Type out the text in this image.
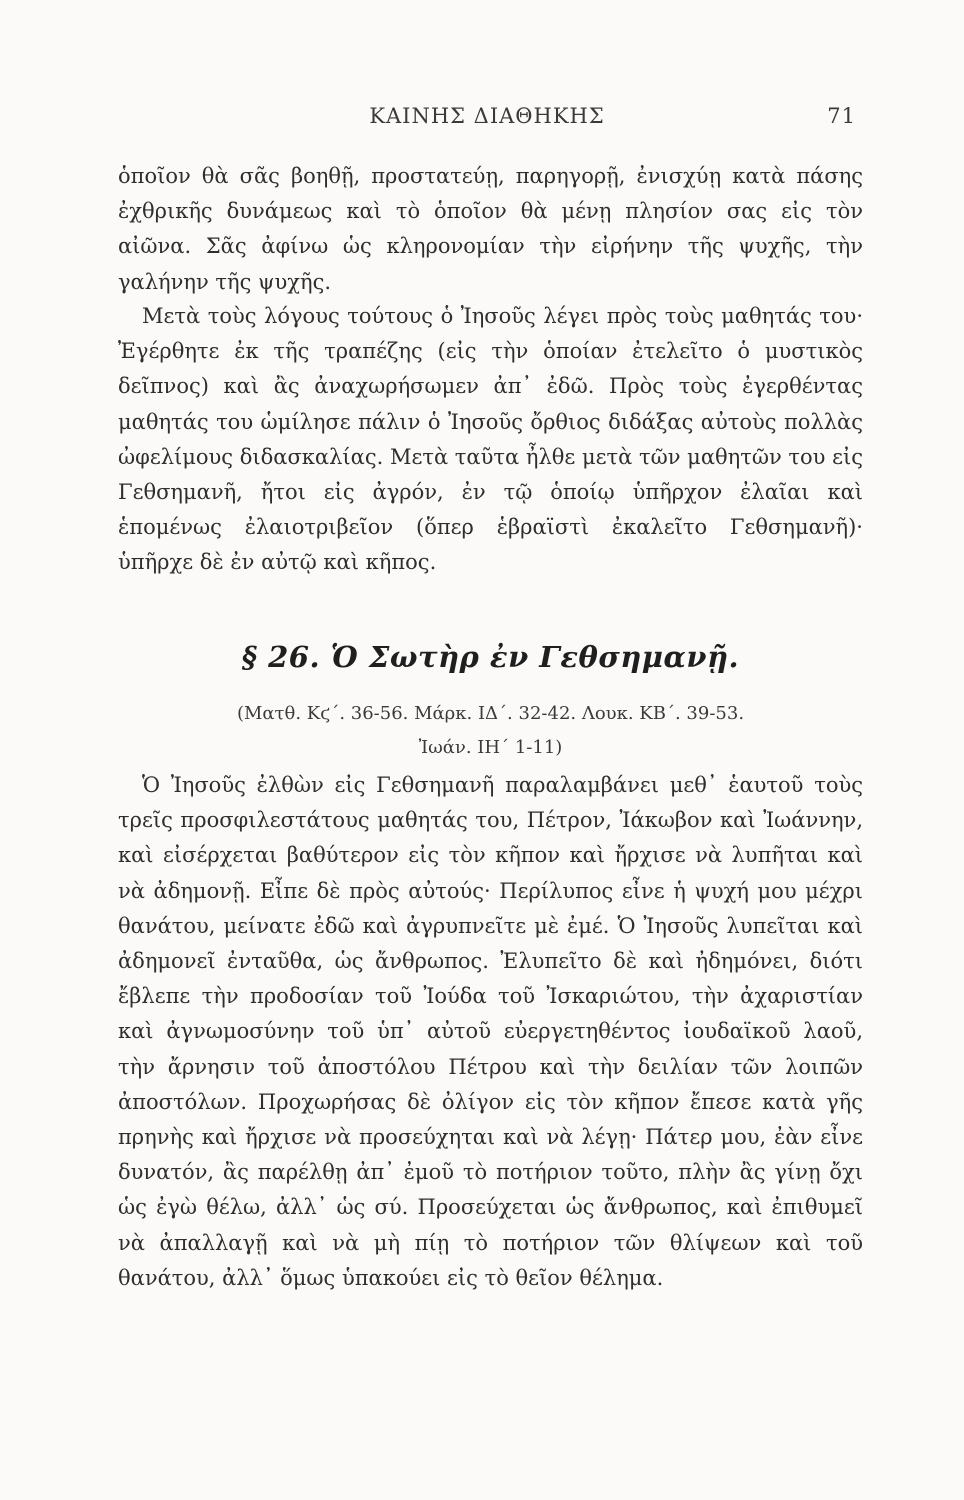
ΚΑΙΝΗΣ ΔΙΑΘΗΚΗΣ	71

ὁποῖον θὰ σᾶς βοηθῇ, προστατεύῃ, παρηγορῇ, ἐνισχύῃ κατὰ πάσης ἐχθρικῆς δυνάμεως καὶ τὸ ὁποῖον θὰ μένῃ πλησίον σας εἰς τὸν αἰῶνα. Σᾶς ἀφίνω ὡς κληρονομίαν τὴν εἰρήνην τῆς ψυχῆς, τὴν γαλήνην τῆς ψυχῆς.

Μετὰ τοὺς λόγους τούτους ὁ Ἰησοῦς λέγει πρὸς τοὺς μαθητάς του· Ἐγέρθητε ἐκ τῆς τραπέζης (εἰς τὴν ὁποίαν ἐτελεῖτο ὁ μυστικὸς δεῖπνος) καὶ ἂς ἀναχωρήσωμεν ἀπ᾽ ἐδῶ. Πρὸς τοὺς ἐγερθέντας μαθητάς του ὡμίλησε πάλιν ὁ Ἰησοῦς ὄρθιος διδάξας αὐτοὺς πολλὰς ὠφελίμους διδασκαλίας. Μετὰ ταῦτα ἦλθε μετὰ τῶν μαθητῶν του εἰς Γεθσημανῆ, ἤτοι εἰς ἀγρόν, ἐν τῷ ὁποίῳ ὑπῆρχον ἐλαῖαι καὶ ἑπομένως ἐλαιοτριβεῖον (ὅπερ ἑβραϊστὶ ἐκαλεῖτο Γεθσημανῆ)· ὑπῆρχε δὲ ἐν αὐτῷ καὶ κῆπος.

§ 26. Ὁ Σωτὴρ ἐν Γεθσημανῇ.
(Ματθ. Κϛ΄. 36-56. Μάρκ. ΙΔ΄. 32-42. Λουκ. ΚΒ΄. 39-53.
Ἰωάν. ΙΗ΄ 1-11)

Ὁ Ἰησοῦς ἐλθὼν εἰς Γεθσημανῆ παραλαμβάνει μεθ᾽ ἑαυτοῦ τοὺς τρεῖς προσφιλεστάτους μαθητάς του, Πέτρον, Ἰάκωβον καὶ Ἰωάννην, καὶ εἰσέρχεται βαθύτερον εἰς τὸν κῆπον καὶ ἤρχισε νὰ λυπῆται καὶ νὰ ἀδημονῇ. Εἶπε δὲ πρὸς αὐτούς· Περίλυπος εἶνε ἡ ψυχή μου μέχρι θανάτου, μείνατε ἐδῶ καὶ ἀγρυπνεῖτε μὲ ἐμέ. Ὁ Ἰησοῦς λυπεῖται καὶ ἀδημονεῖ ἐνταῦθα, ὡς ἄνθρωπος. Ἐλυπεῖτο δὲ καὶ ἠδημόνει, διότι ἔβλεπε τὴν προδοσίαν τοῦ Ἰούδα τοῦ Ἰσκαριώτου, τὴν ἀχαριστίαν καὶ ἀγνωμοσύνην τοῦ ὑπ᾽ αὐτοῦ εὐεργετηθέντος ἰουδαϊκοῦ λαοῦ, τὴν ἄρνησιν τοῦ ἀποστόλου Πέτρου καὶ τὴν δειλίαν τῶν λοιπῶν ἀποστόλων. Προχωρήσας δὲ ὀλίγον εἰς τὸν κῆπον ἔπεσε κατὰ γῆς πρηνὴς καὶ ἤρχισε νὰ προσεύχηται καὶ νὰ λέγῃ· Πάτερ μου, ἐὰν εἶνε δυνατόν, ἂς παρέλθῃ ἀπ᾽ ἐμοῦ τὸ ποτήριον τοῦτο, πλὴν ἂς γίνῃ ὄχι ὡς ἐγὼ θέλω, ἀλλ᾽ ὡς σύ. Προσεύχεται ὡς ἄνθρωπος, καὶ ἐπιθυμεῖ νὰ ἀπαλλαγῇ καὶ νὰ μὴ πίῃ τὸ ποτήριον τῶν θλίψεων καὶ τοῦ θανάτου, ἀλλ᾽ ὅμως ὑπακούει εἰς τὸ θεῖον θέλημα.
